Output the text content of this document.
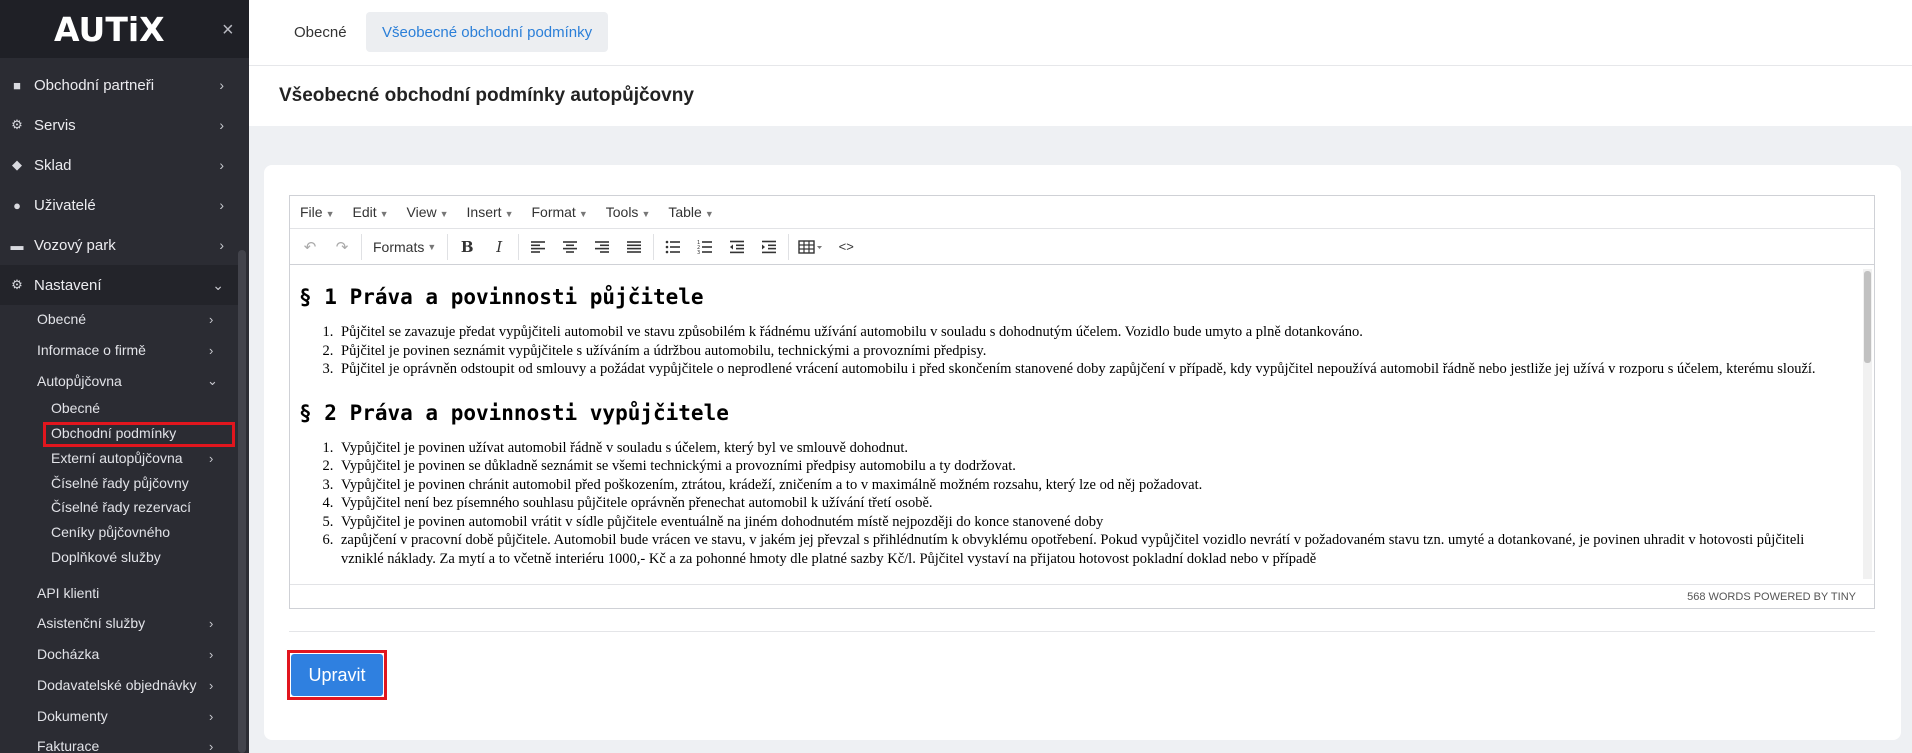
AUTiX	×
■ Obchodní partneři	›
⚙ Servis	›
◆ Sklad	›
● Uživatelé	›
▬ Vozový park	›
⚙ Nastavení	⌄
Obecné	›
Informace o firmě	›
Autopůjčovna	⌄
Obecné
Obchodní podmínky
Externí autopůjčovna ›
Číselné řady půjčovny
Číselné řady rezervací
Ceníky půjčovného
Doplňkové služby
API klienti
Asistenční služby	›
Docházka	›
Dodavatelské objednávky ›
Dokumenty	›
Fakturace	›
Obecné	Všeobecné obchodní podmínky
Všeobecné obchodní podmínky autopůjčovny
File ▼ Edit ▼ View ▼ Insert ▼ Format ▼ Tools ▼ Table ▼
↶	↷	Formats ▼	B	I	1
2
3	<>
§ 1 Práva a povinnosti půjčitele
1. Půjčitel se zavazuje předat vypůjčiteli automobil ve stavu způsobilém k řádnému užívání automobilu v souladu s dohodnutým účelem. Vozidlo bude umyto a plně dotankováno.
2. Půjčitel je povinen seznámit vypůjčitele s užíváním a údržbou automobilu, technickými a provozními předpisy.
3. Půjčitel je oprávněn odstoupit od smlouvy a požádat vypůjčitele o neprodlené vrácení automobilu i před skončením stanovené doby zapůjčení v případě, kdy vypůjčitel nepoužívá automobil řádně nebo jestliže jej užívá v rozporu s účelem, kterému slouží.
§ 2 Práva a povinnosti vypůjčitele
1. Vypůjčitel je povinen užívat automobil řádně v souladu s účelem, který byl ve smlouvě dohodnut.
2. Vypůjčitel je povinen se důkladně seznámit se všemi technickými a provozními předpisy automobilu a ty dodržovat.
3. Vypůjčitel je povinen chránit automobil před poškozením, ztrátou, krádeží, zničením a to v maximálně možném rozsahu, který lze od něj požadovat.
4. Vypůjčitel není bez písemného souhlasu půjčitele oprávněn přenechat automobil k užívání třetí osobě.
5. Vypůjčitel je povinen automobil vrátit v sídle půjčitele eventuálně na jiném dohodnutém místě nejpozději do konce stanovené doby
6. zapůjčení v pracovní době půjčitele. Automobil bude vrácen ve stavu, v jakém jej převzal s přihlédnutím k obvyklému opotřebení. Pokud vypůjčitel vozidlo nevrátí v požadovaném stavu tzn. umyté a dotankované, je povinen uhradit v hotovosti půjčiteli vzniklé náklady. Za mytí a to včetně interiéru 1000,- Kč a za pohonné hmoty dle platné sazby Kč/l. Půjčitel vystaví na přijatou hotovost pokladní doklad nebo v případě
568 WORDS POWERED BY TINY
Upravit
